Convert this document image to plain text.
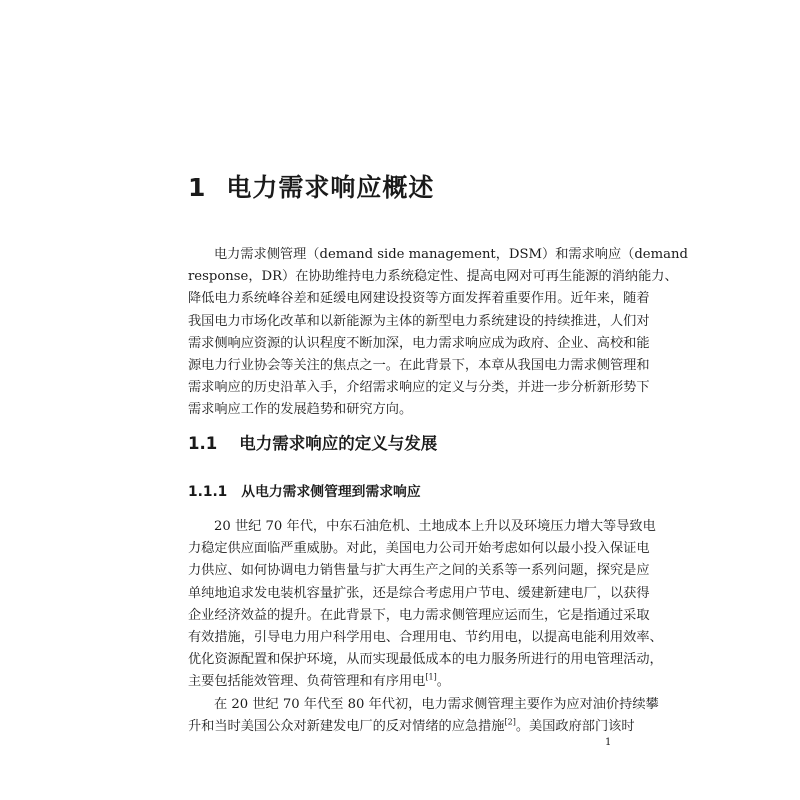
1 电力需求响应概述
电力需求侧管理（demand side management，DSM）和需求响应（demand
response，DR）在协助维持电力系统稳定性、提高电网对可再生能源的消纳能力、
降低电力系统峰谷差和延缓电网建设投资等方面发挥着重要作用。近年来，随着
我国电力市场化改革和以新能源为主体的新型电力系统建设的持续推进，人们对
需求侧响应资源的认识程度不断加深，电力需求响应成为政府、企业、高校和能
源电力行业协会等关注的焦点之一。在此背景下，本章从我国电力需求侧管理和
需求响应的历史沿革入手，介绍需求响应的定义与分类，并进一步分析新形势下
需求响应工作的发展趋势和研究方向。
1.1 电力需求响应的定义与发展
1.1.1 从电力需求侧管理到需求响应
20 世纪 70 年代，中东石油危机、土地成本上升以及环境压力增大等导致电
力稳定供应面临严重威胁。对此，美国电力公司开始考虑如何以最小投入保证电
力供应、如何协调电力销售量与扩大再生产之间的关系等一系列问题，探究是应
单纯地追求发电装机容量扩张，还是综合考虑用户节电、缓建新建电厂，以获得
企业经济效益的提升。在此背景下，电力需求侧管理应运而生，它是指通过采取
有效措施，引导电力用户科学用电、合理用电、节约用电，以提高电能利用效率、
优化资源配置和保护环境，从而实现最低成本的电力服务所进行的用电管理活动，
主要包括能效管理、负荷管理和有序用电[1]。
在 20 世纪 70 年代至 80 年代初，电力需求侧管理主要作为应对油价持续攀
升和当时美国公众对新建发电厂的反对情绪的应急措施[2]。美国政府部门该时
1
